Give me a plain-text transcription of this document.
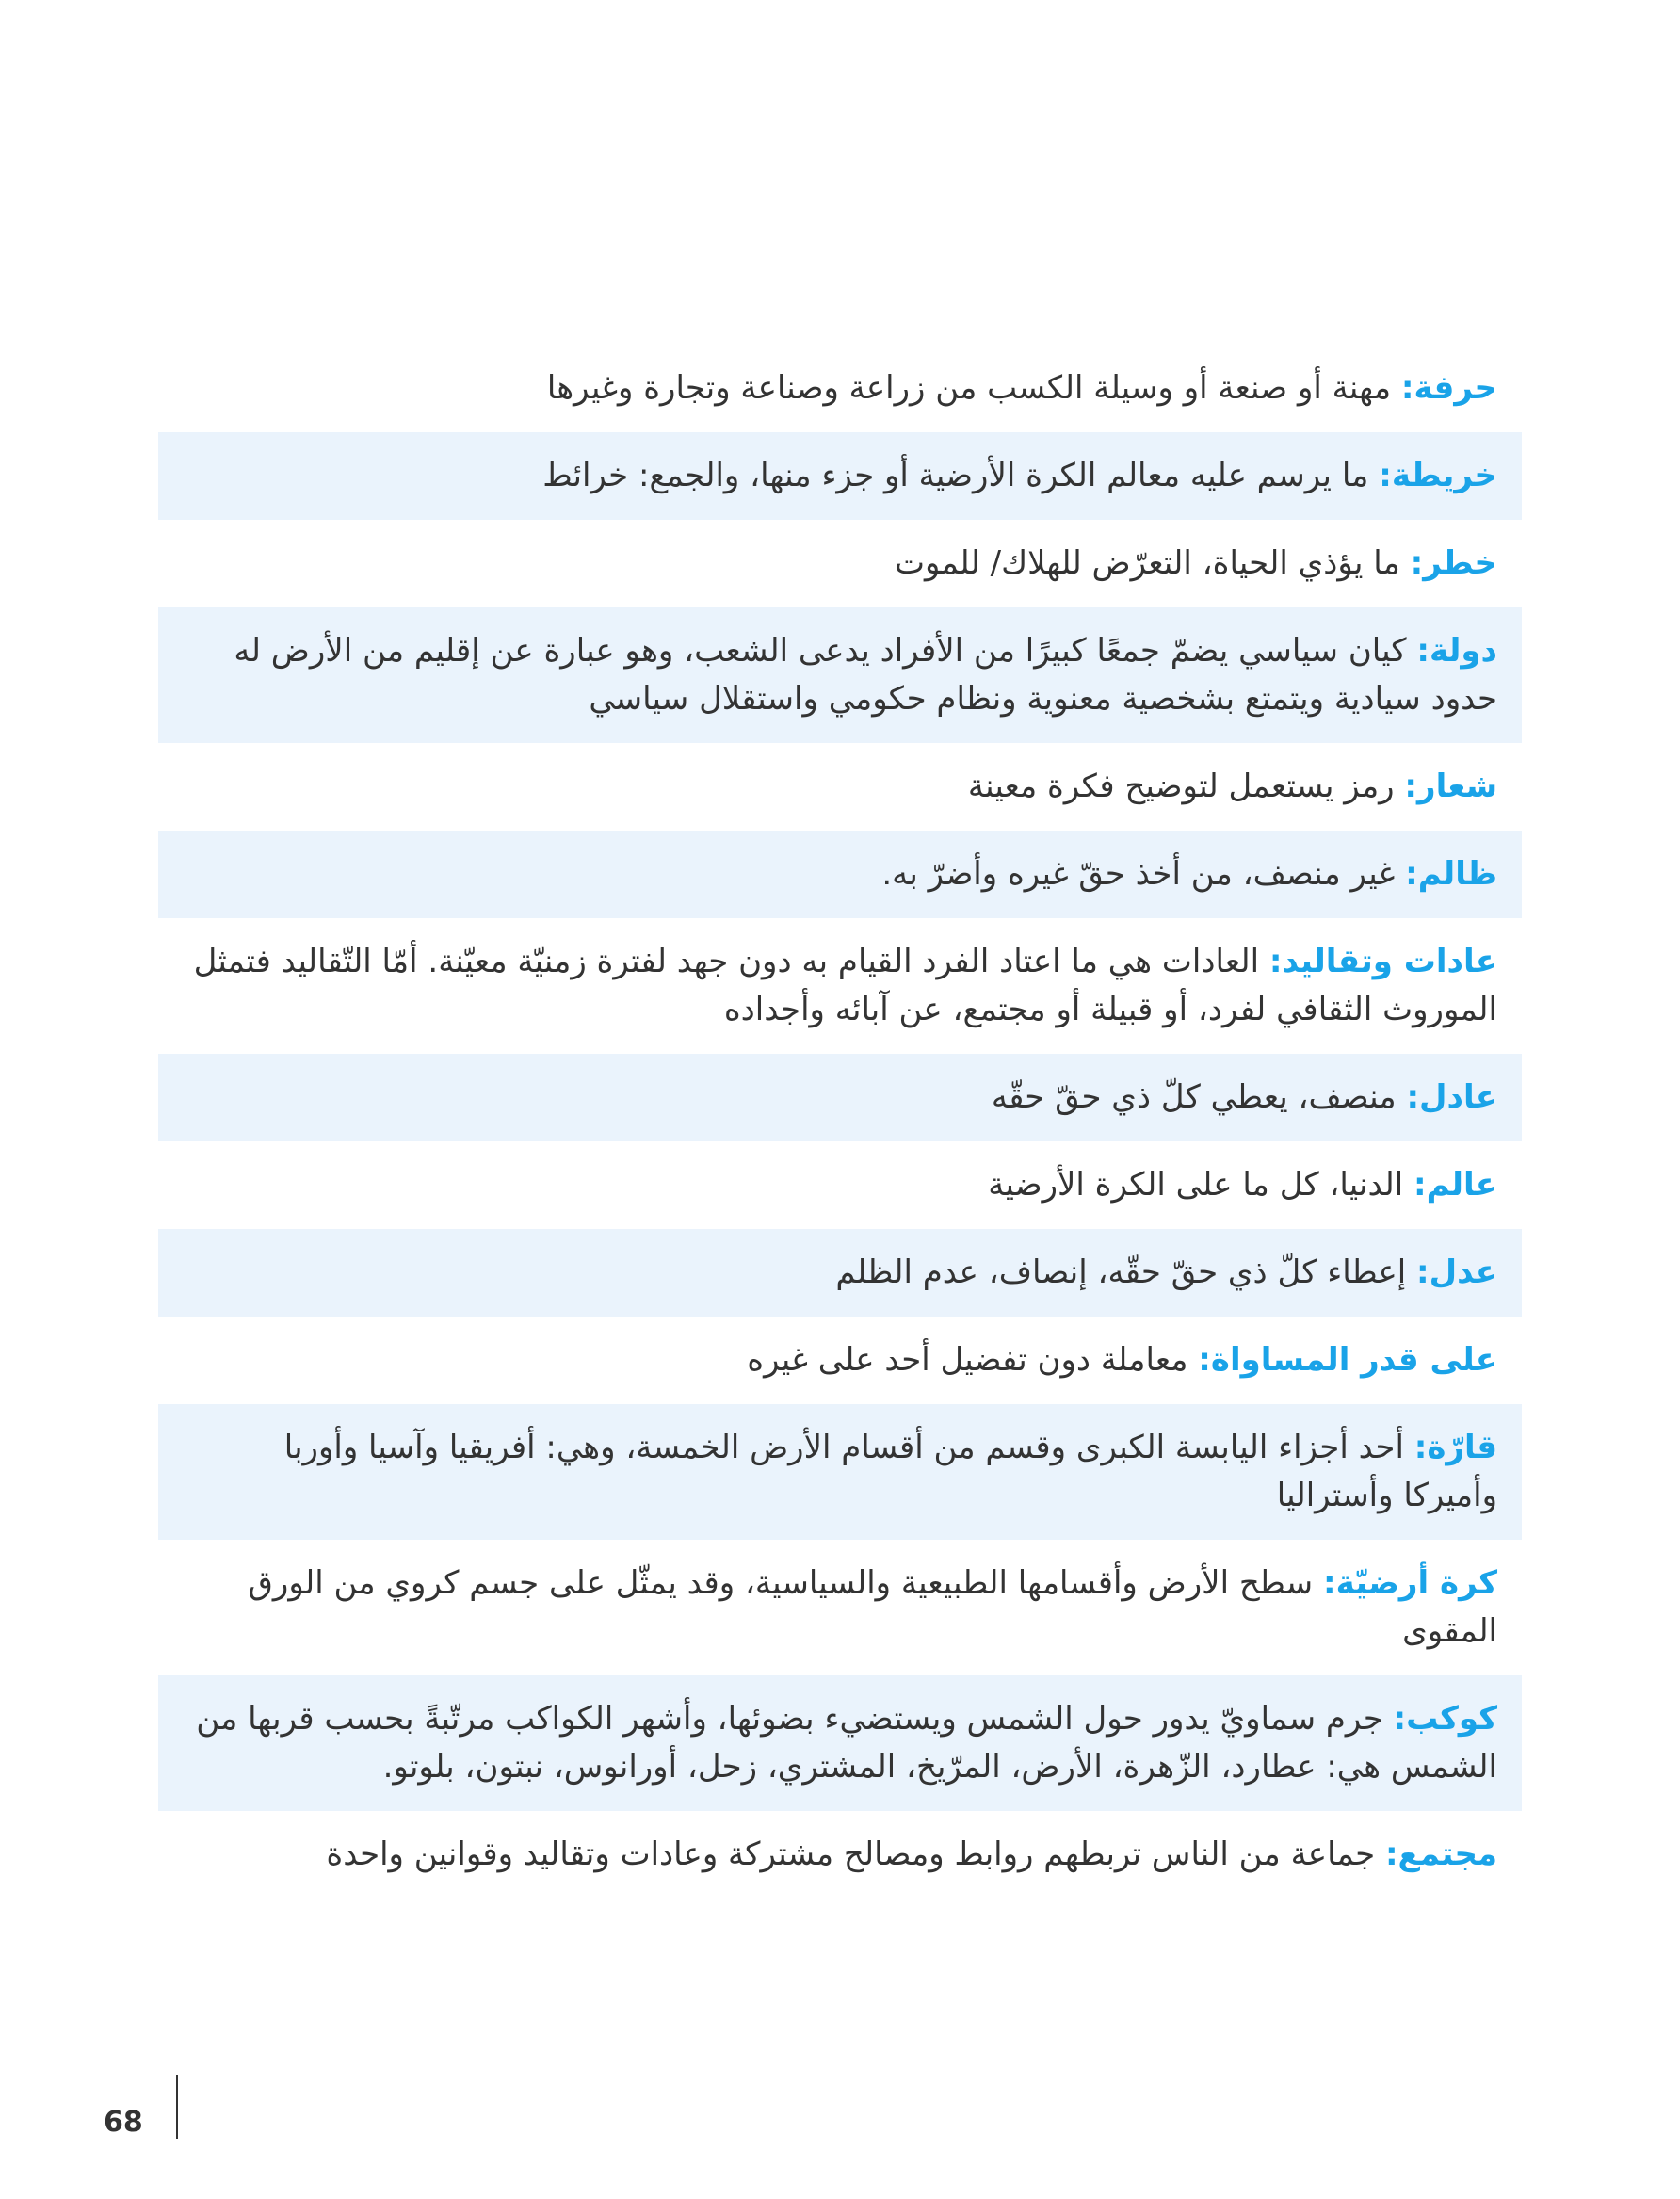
حرفة: مهنة أو صنعة أو وسيلة الكسب من زراعة وصناعة وتجارة وغيرها
خريطة: ما يرسم عليه معالم الكرة الأرضية أو جزء منها، والجمع: خرائط
خطر: ما يؤذي الحياة، التعرّض للهلاك/ للموت
دولة: كيان سياسي يضمّ جمعًا كبيرًا من الأفراد يدعى الشعب، وهو عبارة عن إقليم من الأرض له حدود سيادية ويتمتع بشخصية معنوية ونظام حكومي واستقلال سياسي
شعار: رمز يستعمل لتوضيح فكرة معينة
ظالم: غير منصف، من أخذ حقّ غيره وأضرّ به.
عادات وتقاليد: العادات هي ما اعتاد الفرد القيام به دون جهد لفترة زمنيّة معيّنة. أمّا التّقاليد فتمثل الموروث الثقافي لفرد، أو قبيلة أو مجتمع، عن آبائه وأجداده
عادل: منصف، يعطي كلّ ذي حقّ حقّه
عالم: الدنيا، كل ما على الكرة الأرضية
عدل: إعطاء كلّ ذي حقّ حقّه، إنصاف، عدم الظلم
على قدر المساواة: معاملة دون تفضيل أحد على غيره
قارّة: أحد أجزاء اليابسة الكبرى وقسم من أقسام الأرض الخمسة، وهي: أفريقيا وآسيا وأوربا وأميركا وأستراليا
كرة أرضيّة: سطح الأرض وأقسامها الطبيعية والسياسية، وقد يمثّل على جسم كروي من الورق المقوى
كوكب: جرم سماويّ يدور حول الشمس ويستضيء بضوئها، وأشهر الكواكب مرتّبةً بحسب قربها من الشمس هي: عطارد، الزّهرة، الأرض، المرّيخ، المشتري، زحل، أورانوس، نبتون، بلوتو.
مجتمع: جماعة من الناس تربطهم روابط ومصالح مشتركة وعادات وتقاليد وقوانين واحدة
68
